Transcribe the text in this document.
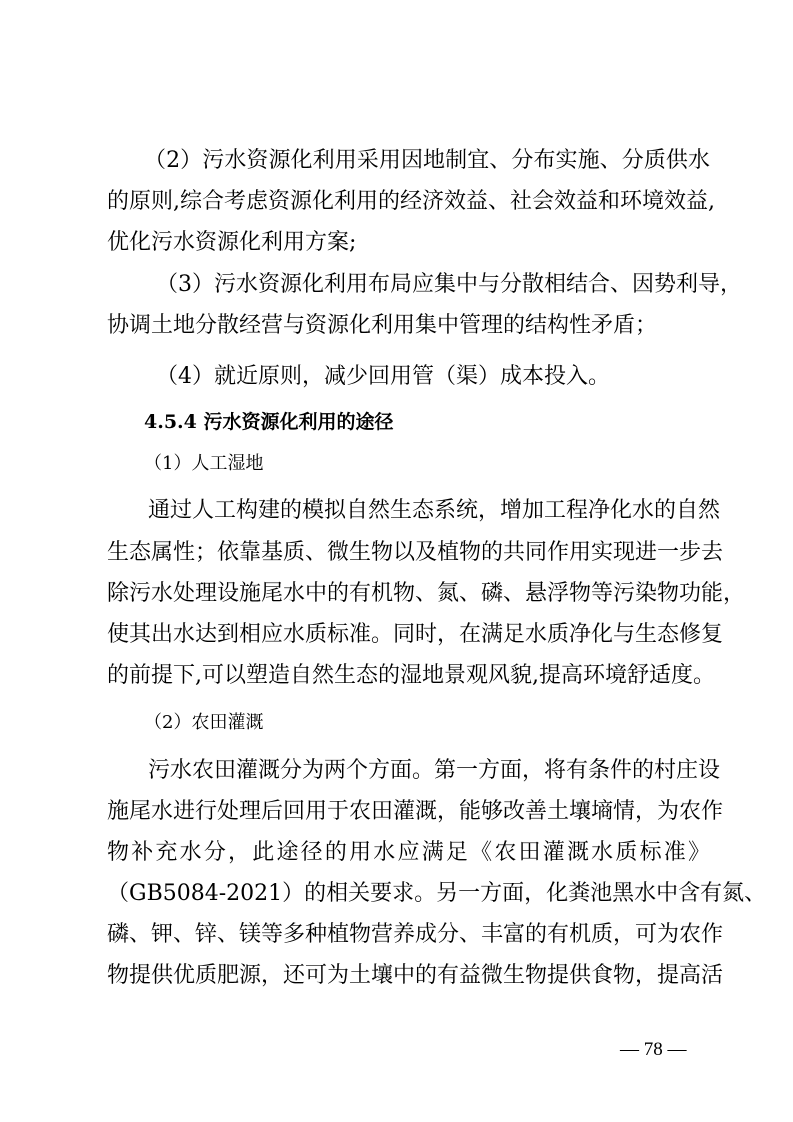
（2）污水资源化利用采用因地制宜、分布实施、分质供水
的原则,综合考虑资源化利用的经济效益、社会效益和环境效益,
优化污水资源化利用方案;
（3）污水资源化利用布局应集中与分散相结合、因势利导，
协调土地分散经营与资源化利用集中管理的结构性矛盾；
（4）就近原则，减少回用管（渠）成本投入。
4.5.4 污水资源化利用的途径
（1）人工湿地
通过人工构建的模拟自然生态系统，增加工程净化水的自然
生态属性；依靠基质、微生物以及植物的共同作用实现进一步去
除污水处理设施尾水中的有机物、氮、磷、悬浮物等污染物功能，
使其出水达到相应水质标准。同时，在满足水质净化与生态修复
的前提下,可以塑造自然生态的湿地景观风貌,提高环境舒适度。
（2）农田灌溉
污水农田灌溉分为两个方面。第一方面，将有条件的村庄设
施尾水进行处理后回用于农田灌溉，能够改善土壤墒情，为农作
物补充水分，此途径的用水应满足《农田灌溉水质标准》
（GB5084-2021）的相关要求。另一方面，化粪池黑水中含有氮、
磷、钾、锌、镁等多种植物营养成分、丰富的有机质，可为农作
物提供优质肥源，还可为土壤中的有益微生物提供食物，提高活
— 78 —
